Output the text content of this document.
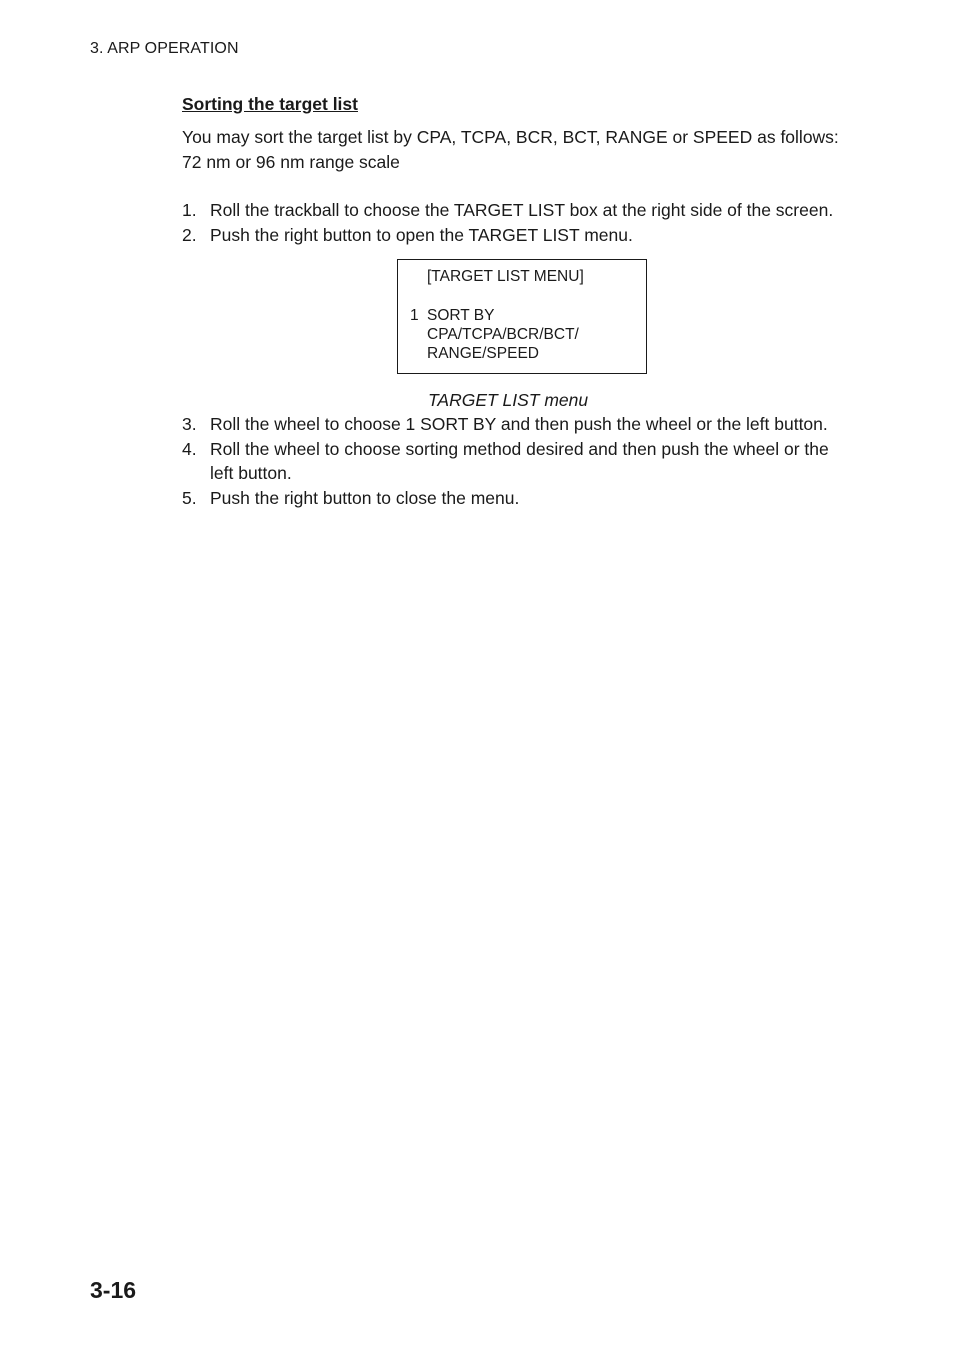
3. ARP OPERATION
Sorting the target list
You may sort the target list by CPA, TCPA, BCR, BCT, RANGE or SPEED as follows: 72 nm or 96 nm range scale
1. Roll the trackball to choose the TARGET LIST box at the right side of the screen.
2. Push the right button to open the TARGET LIST menu.
[TARGET LIST MENU]
1 SORT BY
CPA/TCPA/BCR/BCT/
RANGE/SPEED
TARGET LIST menu
3. Roll the wheel to choose 1 SORT BY and then push the wheel or the left button.
4. Roll the wheel to choose sorting method desired and then push the wheel or the left button.
5. Push the right button to close the menu.
3-16
